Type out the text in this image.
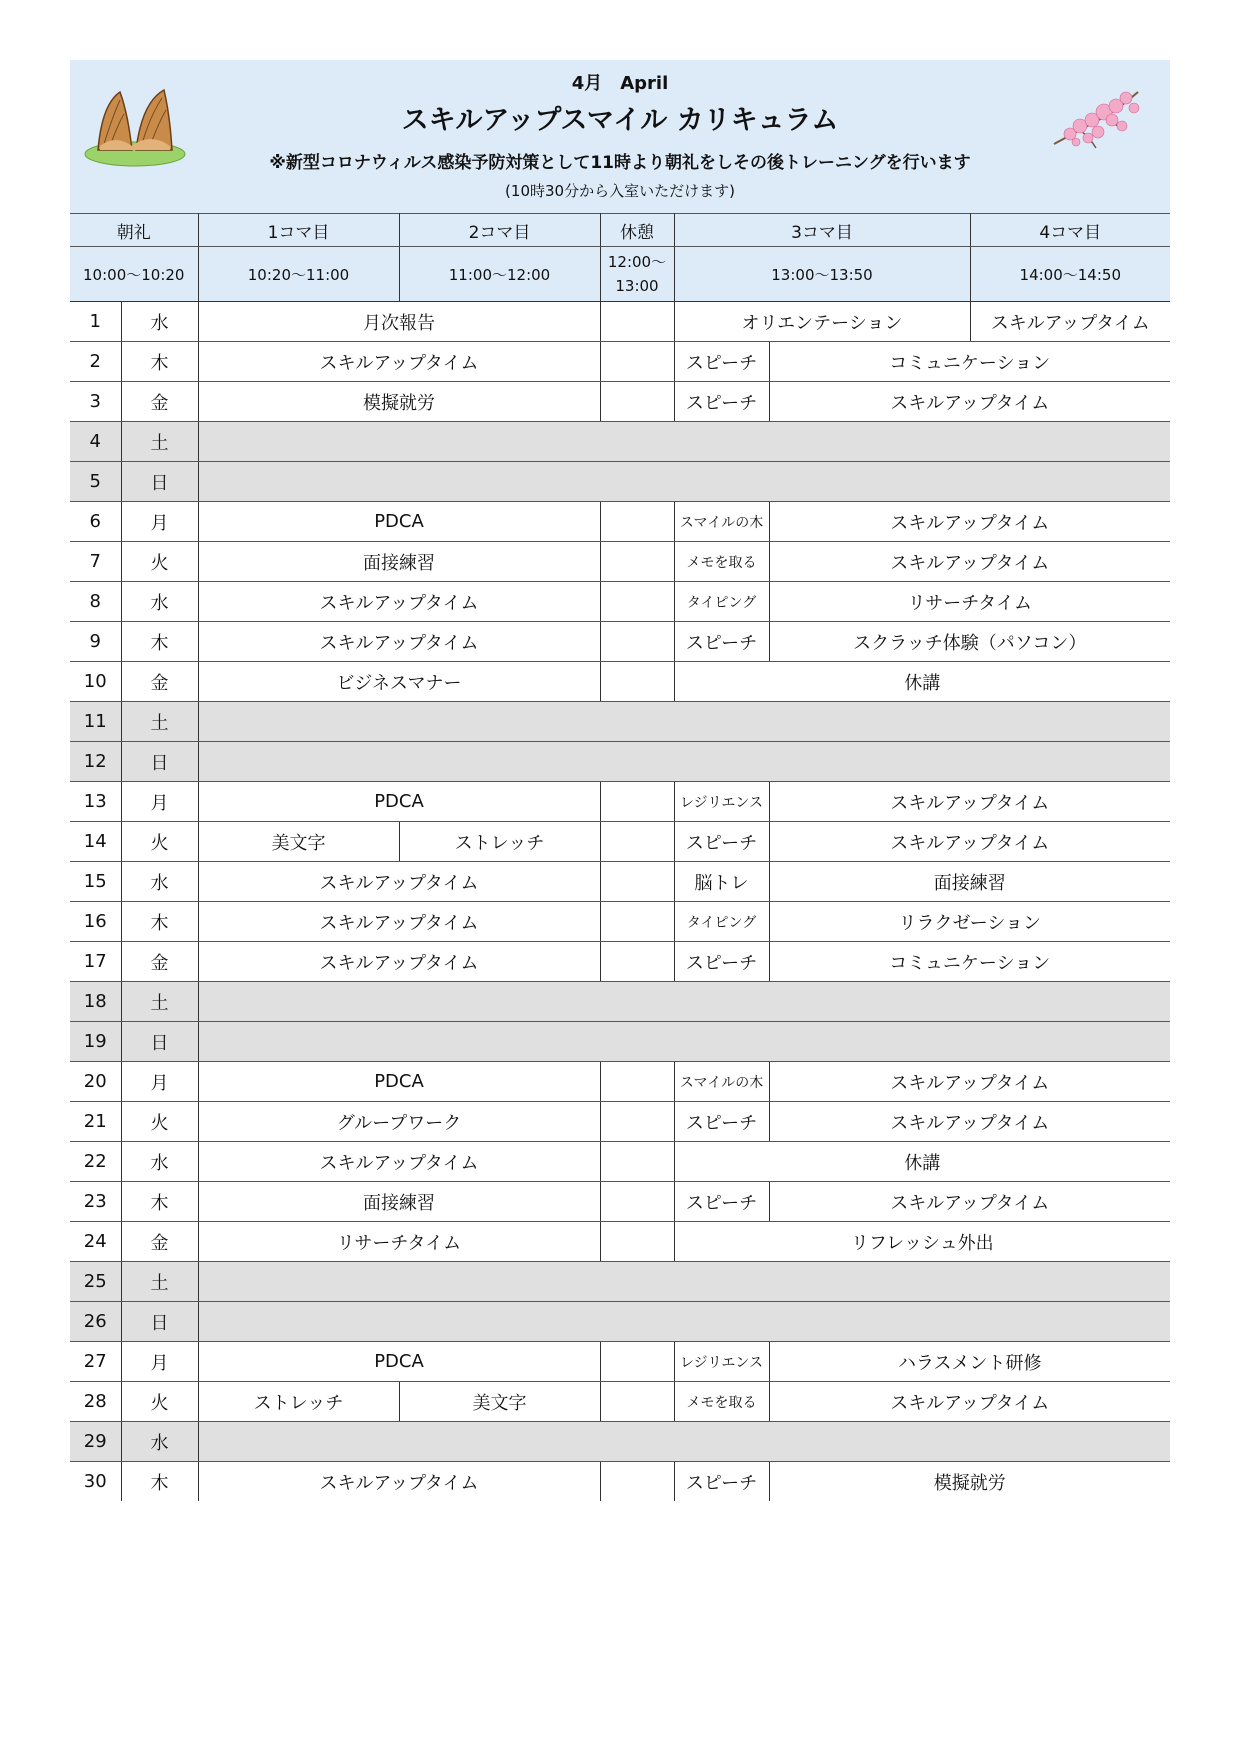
4月　April
スキルアップスマイル カリキュラム
※新型コロナウィルス感染予防対策として11時より朝礼をしその後トレーニングを行います
(10時30分から入室いただけます)
朝礼		1コマ目	2コマ目	休憩	3コマ目		4コマ目
10:00～10:20		10:20～11:00	11:00～12:00	12:00～
13:00	13:00～13:50		14:00～14:50
1	水	月次報告			オリエンテーション		スキルアップタイム
2	木	スキルアップタイム			スピーチ	コミュニケーション	
3	金	模擬就労			スピーチ	スキルアップタイム	
4	土						
5	日						
6	月	PDCA			スマイルの木	スキルアップタイム	
7	火	面接練習			メモを取る	スキルアップタイム	
8	水	スキルアップタイム			タイピング	リサーチタイム	
9	木	スキルアップタイム			スピーチ	スクラッチ体験（パソコン）	
10	金	ビジネスマナー			休講		
11	土						
12	日						
13	月	PDCA			レジリエンス	スキルアップタイム	
14	火	美文字	ストレッチ		スピーチ	スキルアップタイム	
15	水	スキルアップタイム			脳トレ	面接練習	
16	木	スキルアップタイム			タイピング	リラクゼーション	
17	金	スキルアップタイム			スピーチ	コミュニケーション	
18	土						
19	日						
20	月	PDCA			スマイルの木	スキルアップタイム	
21	火	グループワーク			スピーチ	スキルアップタイム	
22	水	スキルアップタイム			休講		
23	木	面接練習			スピーチ	スキルアップタイム	
24	金	リサーチタイム			リフレッシュ外出		
25	土						
26	日						
27	月	PDCA			レジリエンス	ハラスメント研修	
28	火	ストレッチ	美文字		メモを取る	スキルアップタイム	
29	水						
30	木	スキルアップタイム			スピーチ	模擬就労	
